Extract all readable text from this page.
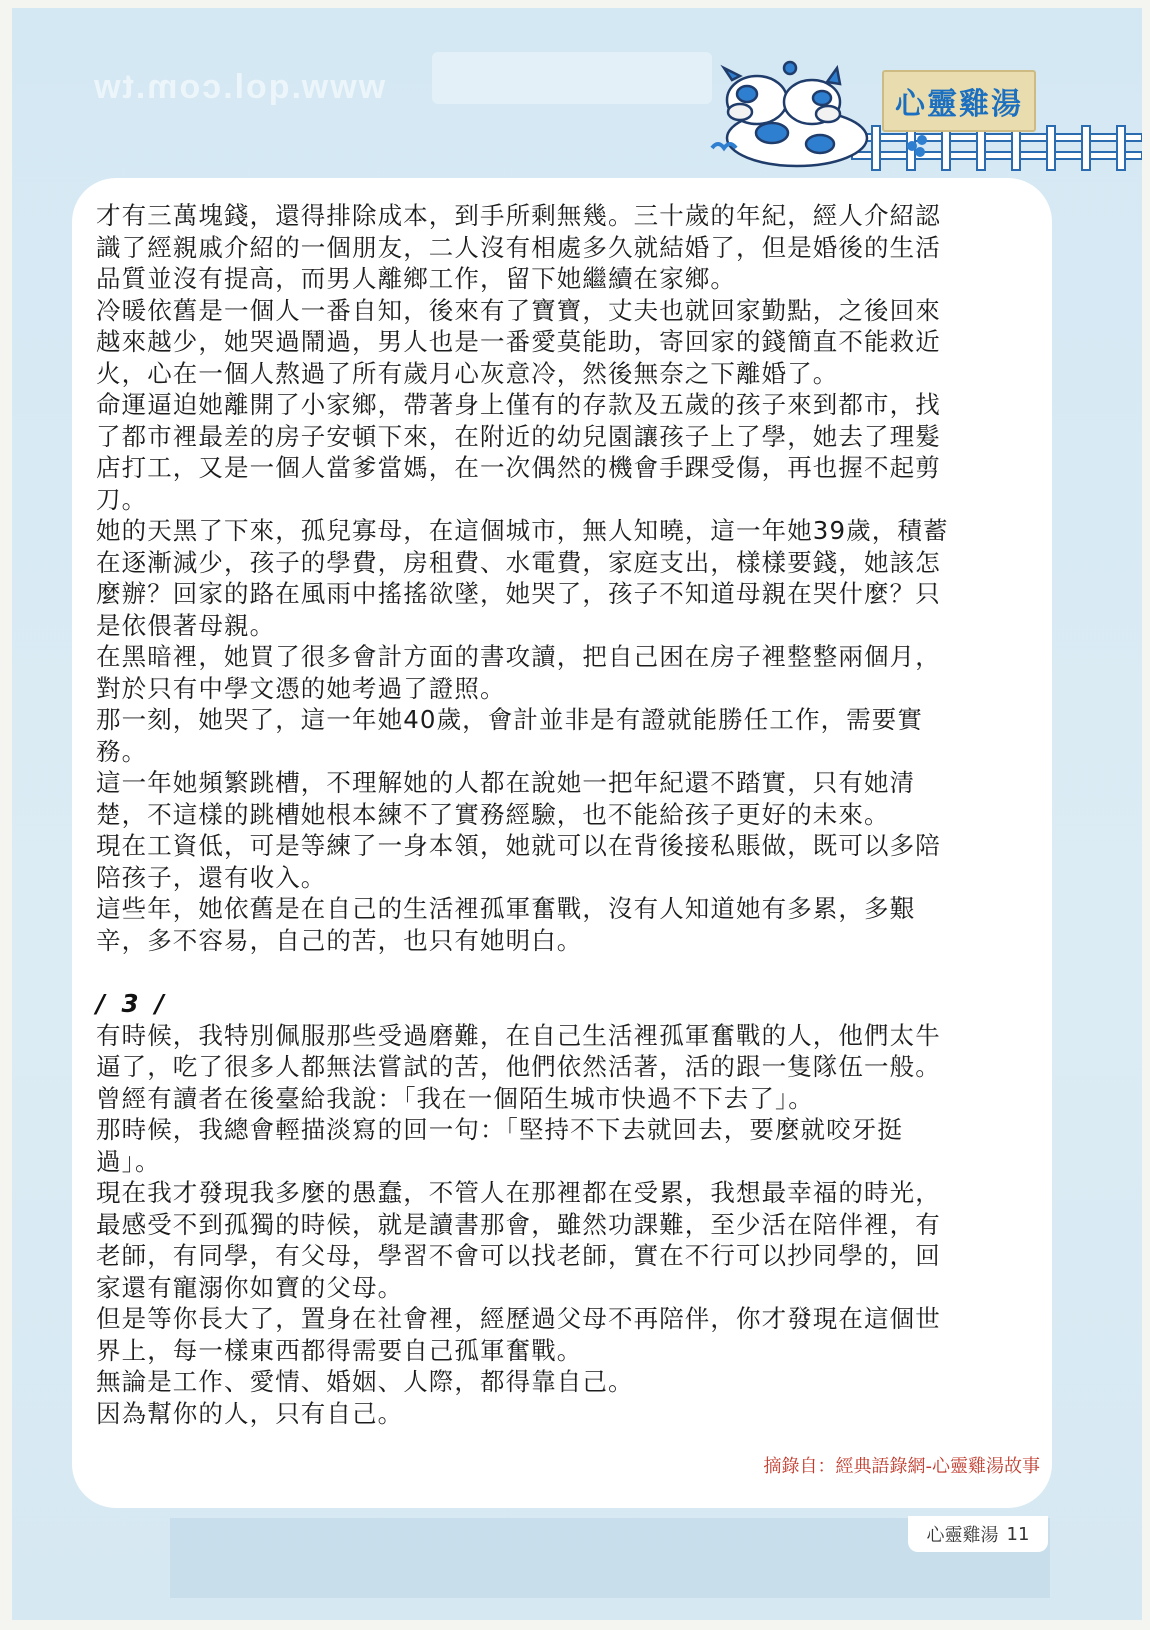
www.qol.com.tw	心靈雞湯

才有三萬塊錢，還得排除成本，到手所剩無幾。三十歲的年紀，經人介紹認

識了經親戚介紹的一個朋友，二人沒有相處多久就結婚了，但是婚後的生活

品質並沒有提高，而男人離鄉工作，留下她繼續在家鄉。

冷暖依舊是一個人一番自知，後來有了寶寶，丈夫也就回家勤點，之後回來

越來越少，她哭過鬧過，男人也是一番愛莫能助，寄回家的錢簡直不能救近

火，心在一個人熬過了所有歲月心灰意冷，然後無奈之下離婚了。

命運逼迫她離開了小家鄉，帶著身上僅有的存款及五歲的孩子來到都市，找

了都市裡最差的房子安頓下來，在附近的幼兒園讓孩子上了學，她去了理髮

店打工，又是一個人當爹當媽，在一次偶然的機會手踝受傷，再也握不起剪

刀。

她的天黑了下來，孤兒寡母，在這個城市，無人知曉，這一年她39歲，積蓄

在逐漸減少，孩子的學費，房租費、水電費，家庭支出，樣樣要錢，她該怎

麼辦？回家的路在風雨中搖搖欲墜，她哭了，孩子不知道母親在哭什麼？只

是依偎著母親。

在黑暗裡，她買了很多會計方面的書攻讀，把自己困在房子裡整整兩個月，

對於只有中學文憑的她考過了證照。

那一刻，她哭了，這一年她40歲，會計並非是有證就能勝任工作，需要實

務。

這一年她頻繁跳槽，不理解她的人都在說她一把年紀還不踏實，只有她清

楚，不這樣的跳槽她根本練不了實務經驗，也不能給孩子更好的未來。

現在工資低，可是等練了一身本領，她就可以在背後接私賬做，既可以多陪

陪孩子，還有收入。

這些年，她依舊是在自己的生活裡孤軍奮戰，沒有人知道她有多累，多艱

辛，多不容易，自己的苦，也只有她明白。

/ 3 /

有時候，我特別佩服那些受過磨難，在自己生活裡孤軍奮戰的人，他們太牛

逼了，吃了很多人都無法嘗試的苦，他們依然活著，活的跟一隻隊伍一般。

曾經有讀者在後臺給我說：「我在一個陌生城市快過不下去了」。

那時候，我總會輕描淡寫的回一句：「堅持不下去就回去，要麼就咬牙挺

過」。

現在我才發現我多麼的愚蠢，不管人在那裡都在受累，我想最幸福的時光，

最感受不到孤獨的時候，就是讀書那會，雖然功課難，至少活在陪伴裡，有

老師，有同學，有父母，學習不會可以找老師，實在不行可以抄同學的，回

家還有寵溺你如寶的父母。

但是等你長大了，置身在社會裡，經歷過父母不再陪伴，你才發現在這個世

界上，每一樣東西都得需要自己孤軍奮戰。

無論是工作、愛情、婚姻、人際，都得靠自己。

因為幫你的人，只有自己。

摘錄自：經典語錄網-心靈雞湯故事
心靈雞湯 11
